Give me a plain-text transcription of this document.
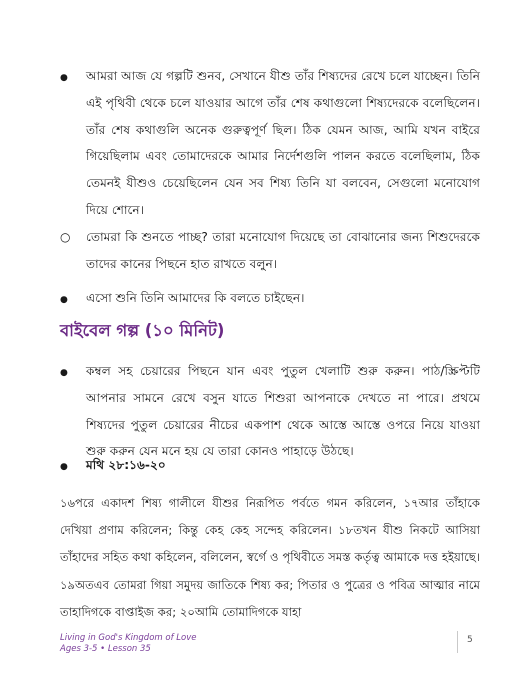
●
আমরা আজ যে গল্পটি শুনব, সেখানে যীশু তাঁর শিষ্যদের রেখে চলে যাচ্ছেন। তিনি এই পৃথিবী থেকে চলে যাওয়ার আগে তাঁর শেষ কথাগুলো শিষ্যদেরকে বলেছিলেন। তাঁর শেষ কথাগুলি অনেক গুরুত্বপূর্ণ ছিল। ঠিক যেমন আজ, আমি যখন বাইরে গিয়েছিলাম এবং তোমাদেরকে আমার নির্দেশগুলি পালন করতে বলেছিলাম, ঠিক তেমনই যীশুও চেয়েছিলেন যেন সব শিষ্য তিনি যা বলবেন, সেগুলো মনোযোগ দিয়ে শোনে।
○
তোমরা কি শুনতে পাচ্ছ? তারা মনোযোগ দিয়েছে তা বোঝানোর জন্য শিশুদেরকে তাদের কানের পিছনে হাত রাখতে বলুন।
●
এসো শুনি তিনি আমাদের কি বলতে চাইছেন।
বাইবেল গল্প (১০ মিনিট)
●
কম্বল সহ চেয়ারের পিছনে যান এবং পুতুল খেলাটি শুরু করুন। পাঠ/স্ক্রিপ্টটি আপনার সামনে রেখে বসুন যাতে শিশুরা আপনাকে দেখতে না পারে। প্রথমে শিষ্যদের পুতুল চেয়ারের নীচের একপাশ থেকে আস্তে আস্তে ওপরে নিয়ে যাওয়া শুরু করুন যেন মনে হয় যে তারা কোনও পাহাড়ে উঠছে।
●
মথি ২৮:১৬-২০
১৬পরে একাদশ শিষ্য গালীলে যীশুর নিরূপিত পর্বতে গমন করিলেন, ১৭আর তাঁহাকে দেখিয়া প্রণাম করিলেন; কিন্তু কেহ কেহ সন্দেহ করিলেন। ১৮তখন যীশু নিকটে আসিয়া তাঁহাদের সহিত কথা কহিলেন, বলিলেন, স্বর্গে ও পৃথিবীতে সমস্ত কর্তৃত্ব আমাকে দত্ত হইয়াছে। ১৯অতএব তোমরা গিয়া সমুদয় জাতিকে শিষ্য কর; পিতার ও পুত্রের ও পবিত্র আত্মার নামে তাহাদিগকে বাপ্তাইজ কর; ২০আমি তোমাদিগকে যাহা
Living in God's Kingdom of Love
Ages 3-5 • Lesson 35
5
